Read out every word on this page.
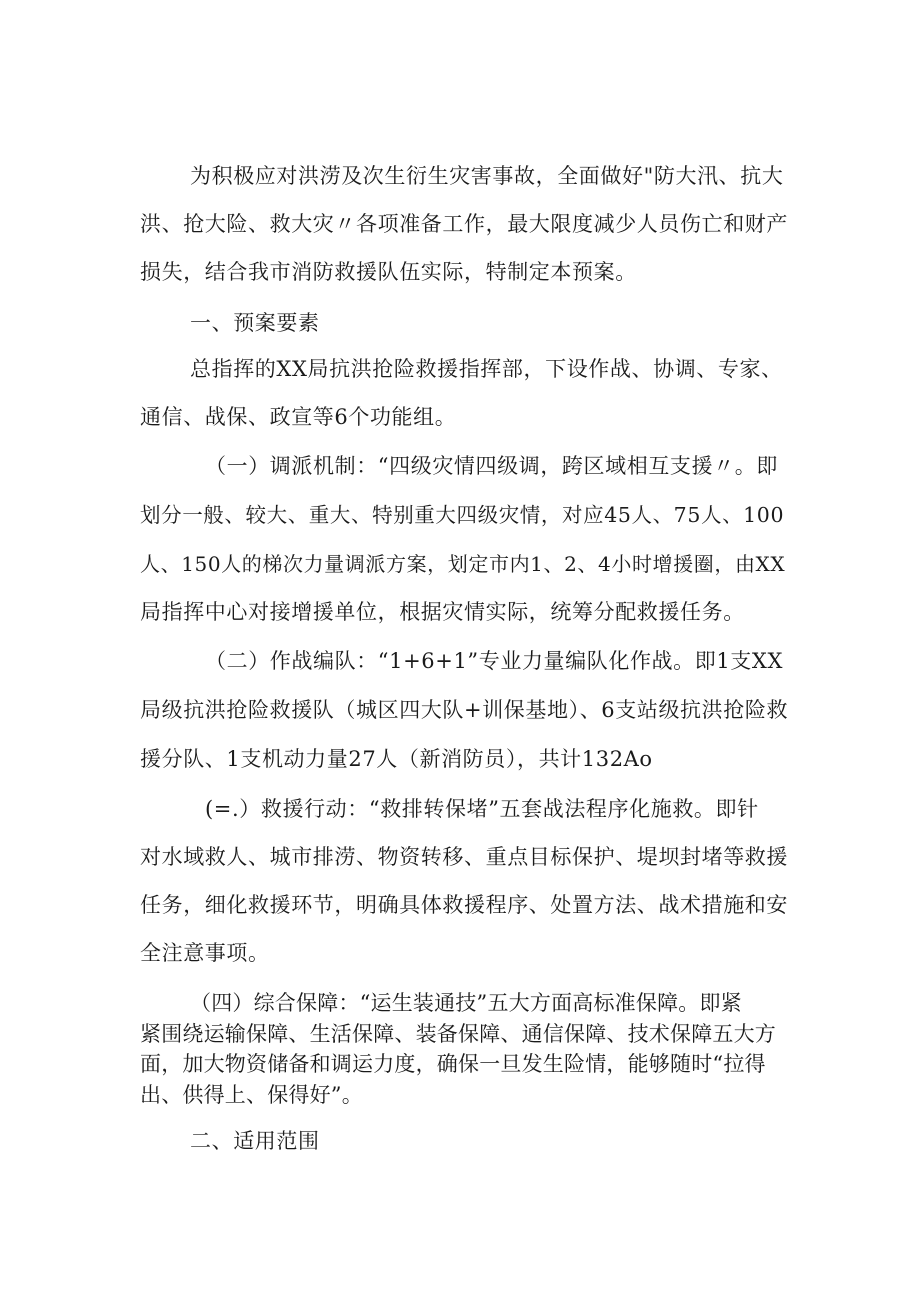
为积极应对洪涝及次生衍生灾害事故，全面做好"防大汛、抗大
洪、抢大险、救大灾〃各项准备工作，最大限度减少人员伤亡和财产
损失，结合我市消防救援队伍实际，特制定本预案。
一、预案要素
总指挥的XX局抗洪抢险救援指挥部，下设作战、协调、专家、
通信、战保、政宣等6个功能组。
（一）调派机制：“四级灾情四级调，跨区域相互支援〃。即
划分一般、较大、重大、特别重大四级灾情，对应45人、75人、100
人、150人的梯次力量调派方案，划定市内1、2、4小时增援圈，由XX
局指挥中心对接增援单位，根据灾情实际，统筹分配救援任务。
（二）作战编队：“1+6+1”专业力量编队化作战。即1支XX
局级抗洪抢险救援队（城区四大队+训保基地）、6支站级抗洪抢险救
援分队、1支机动力量27人（新消防员），共计132Ao
(=.）救援行动：“救排转保堵”五套战法程序化施救。即针
对水域救人、城市排涝、物资转移、重点目标保护、堤坝封堵等救援
任务，细化救援环节，明确具体救援程序、处置方法、战术措施和安
全注意事项。
（四）综合保障：“运生装通技”五大方面高标准保障。即紧
紧围绕运输保障、生活保障、装备保障、通信保障、技术保障五大方
面，加大物资储备和调运力度，确保一旦发生险情，能够随时“拉得
出、供得上、保得好”。
二、适用范围
